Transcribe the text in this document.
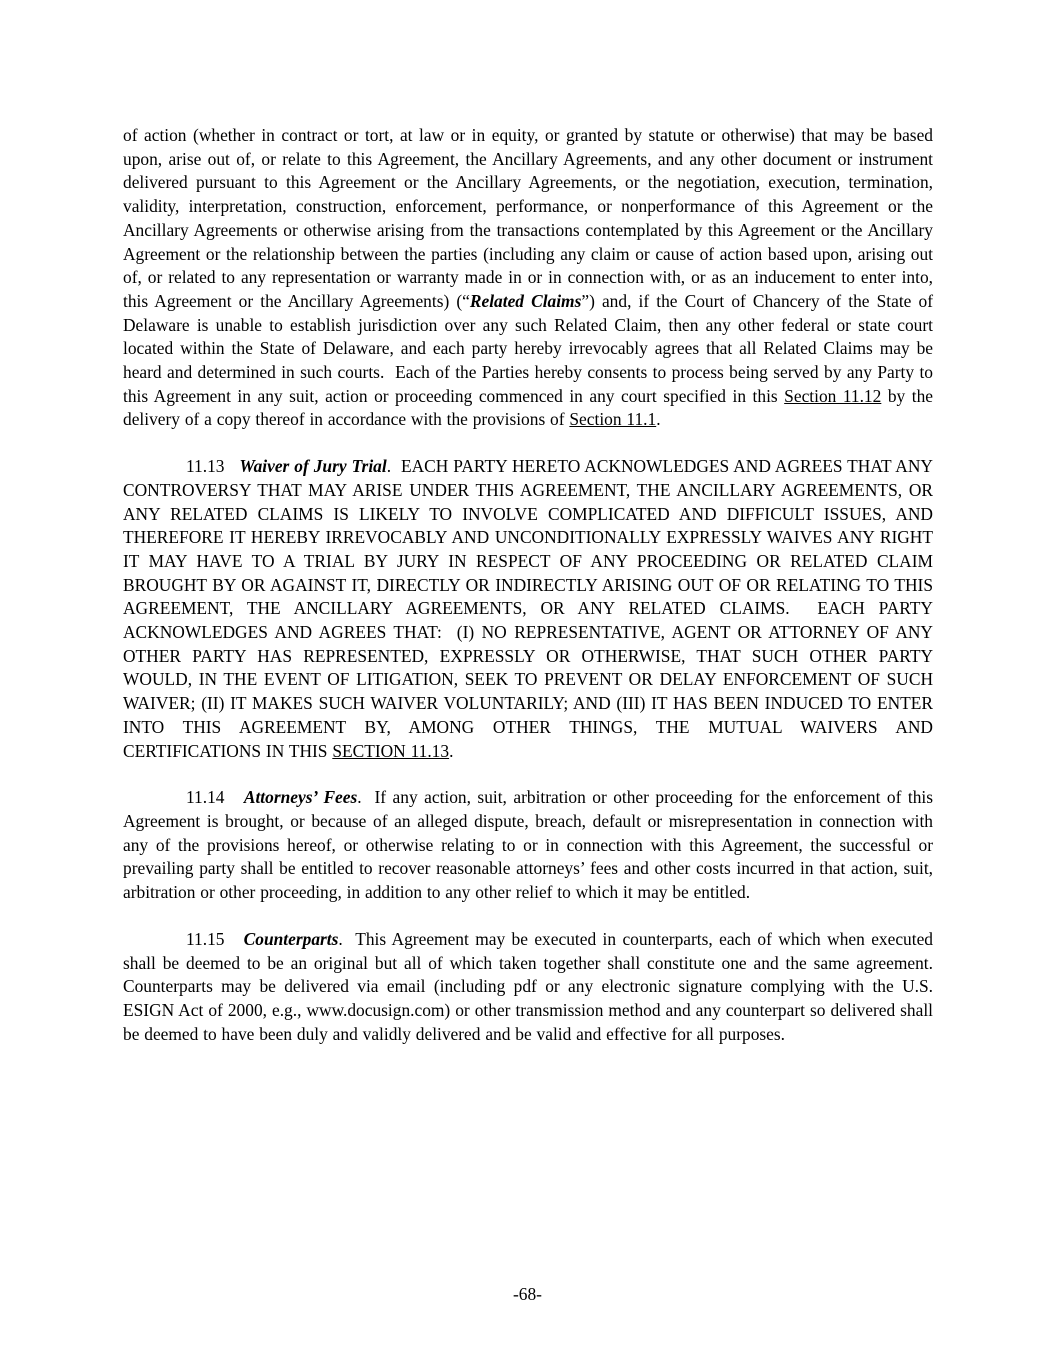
of action (whether in contract or tort, at law or in equity, or granted by statute or otherwise) that may be based upon, arise out of, or relate to this Agreement, the Ancillary Agreements, and any other document or instrument delivered pursuant to this Agreement or the Ancillary Agreements, or the negotiation, execution, termination, validity, interpretation, construction, enforcement, performance, or nonperformance of this Agreement or the Ancillary Agreements or otherwise arising from the transactions contemplated by this Agreement or the Ancillary Agreement or the relationship between the parties (including any claim or cause of action based upon, arising out of, or related to any representation or warranty made in or in connection with, or as an inducement to enter into, this Agreement or the Ancillary Agreements) (“Related Claims”) and, if the Court of Chancery of the State of Delaware is unable to establish jurisdiction over any such Related Claim, then any other federal or state court located within the State of Delaware, and each party hereby irrevocably agrees that all Related Claims may be heard and determined in such courts.  Each of the Parties hereby consents to process being served by any Party to this Agreement in any suit, action or proceeding commenced in any court specified in this Section 11.12 by the delivery of a copy thereof in accordance with the provisions of Section 11.1.

11.13   Waiver of Jury Trial.  EACH PARTY HERETO ACKNOWLEDGES AND AGREES THAT ANY CONTROVERSY THAT MAY ARISE UNDER THIS AGREEMENT, THE ANCILLARY AGREEMENTS, OR ANY RELATED CLAIMS IS LIKELY TO INVOLVE COMPLICATED AND DIFFICULT ISSUES, AND THEREFORE IT HEREBY IRREVOCABLY AND UNCONDITIONALLY EXPRESSLY WAIVES ANY RIGHT IT MAY HAVE TO A TRIAL BY JURY IN RESPECT OF ANY PROCEEDING OR RELATED CLAIM BROUGHT BY OR AGAINST IT, DIRECTLY OR INDIRECTLY ARISING OUT OF OR RELATING TO THIS AGREEMENT, THE ANCILLARY AGREEMENTS, OR ANY RELATED CLAIMS.  EACH PARTY ACKNOWLEDGES AND AGREES THAT:  (I) NO REPRESENTATIVE, AGENT OR ATTORNEY OF ANY OTHER PARTY HAS REPRESENTED, EXPRESSLY OR OTHERWISE, THAT SUCH OTHER PARTY WOULD, IN THE EVENT OF LITIGATION, SEEK TO PREVENT OR DELAY ENFORCEMENT OF SUCH WAIVER; (II) IT MAKES SUCH WAIVER VOLUNTARILY; AND (III) IT HAS BEEN INDUCED TO ENTER INTO THIS AGREEMENT BY, AMONG OTHER THINGS, THE MUTUAL WAIVERS AND CERTIFICATIONS IN THIS SECTION 11.13.

11.14   Attorneys’ Fees.  If any action, suit, arbitration or other proceeding for the enforcement of this Agreement is brought, or because of an alleged dispute, breach, default or misrepresentation in connection with any of the provisions hereof, or otherwise relating to or in connection with this Agreement, the successful or prevailing party shall be entitled to recover reasonable attorneys’ fees and other costs incurred in that action, suit, arbitration or other proceeding, in addition to any other relief to which it may be entitled.

11.15   Counterparts.  This Agreement may be executed in counterparts, each of which when executed shall be deemed to be an original but all of which taken together shall constitute one and the same agreement.  Counterparts may be delivered via email (including pdf or any electronic signature complying with the U.S. ESIGN Act of 2000, e.g., www.docusign.com) or other transmission method and any counterpart so delivered shall be deemed to have been duly and validly delivered and be valid and effective for all purposes.

-68-
